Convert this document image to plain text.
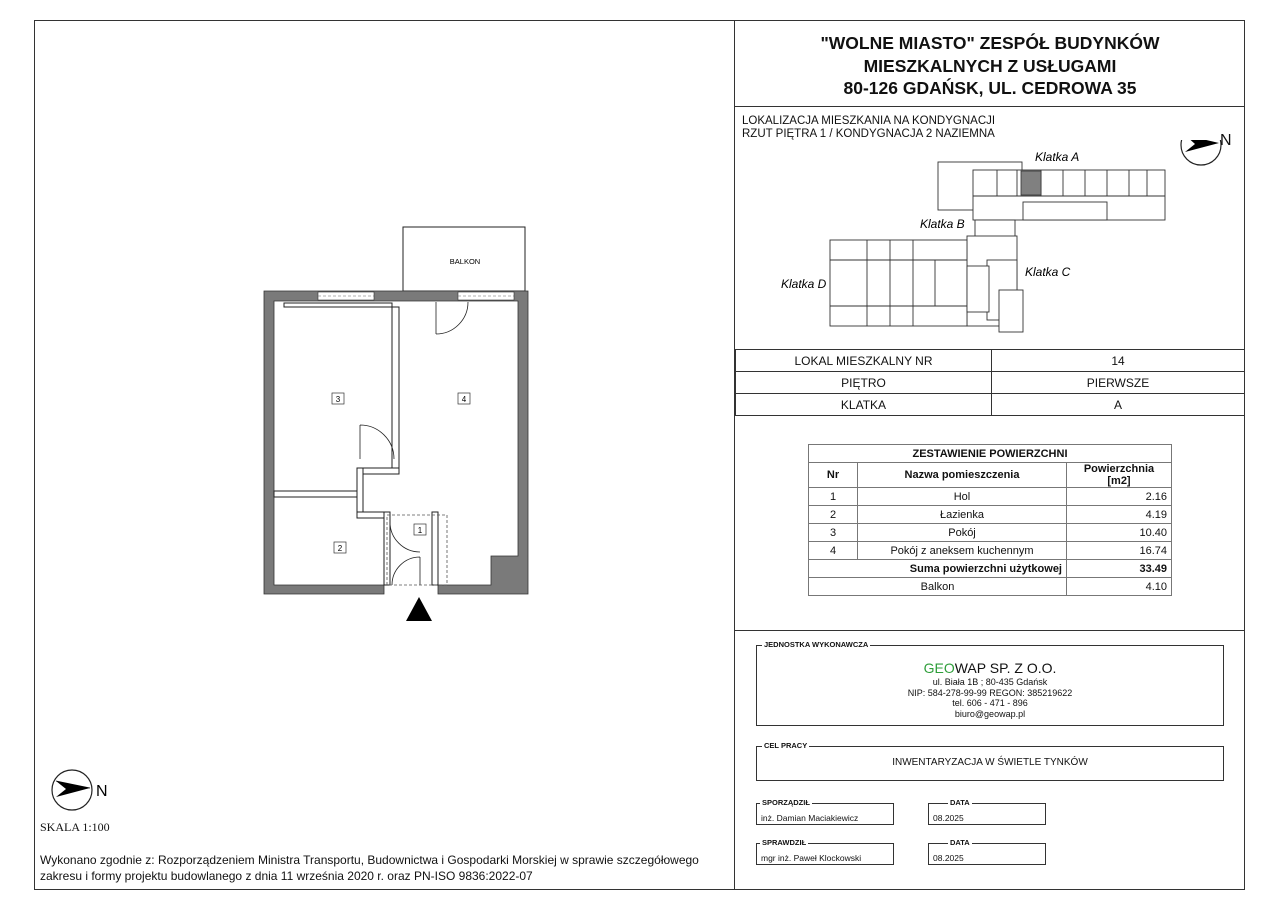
BALKON
3	4
2
1
N
SKALA 1:100
Wykonano zgodnie z: Rozporządzeniem Ministra Transportu, Budownictwa i Gospodarki Morskiej w sprawie szczegółowego
zakresu i formy projektu budowlanego z dnia 11 września 2020 r. oraz PN-ISO 9836:2022-07
"WOLNE MIASTO" ZESPÓŁ BUDYNKÓW
MIESZKALNYCH Z USŁUGAMI
80-126 GDAŃSK, UL. CEDROWA 35
LOKALIZACJA MIESZKANIA NA KONDYGNACJI
RZUT PIĘTRA 1 / KONDYGNACJA 2 NAZIEMNA
Klatka A
Klatka B
Klatka C
Klatka D
N
LOKAL MIESZKALNY NR	14
PIĘTRO	PIERWSZE
KLATKA	A
ZESTAWIENIE POWIERZCHNI		
Nr	Nazwa pomieszczenia	Powierzchnia [m2]
1	Hol	2.16
2	Łazienka	4.19
3	Pokój	10.40
4	Pokój z aneksem kuchennym	16.74
Suma powierzchni użytkowej		33.49
Balkon		4.10
GEOWAP SP. Z O.O.
ul. Biała 1B ; 80-435 Gdańsk
NIP: 584-278-99-99 REGON: 385219622
tel. 606 - 471 - 896
biuro@geowap.pl
JEDNOSTKA WYKONAWCZA
INWENTARYZACJA W ŚWIETLE TYNKÓW
CEL PRACY
inż. Damian Maciakiewicz
SPORZĄDZIŁ
08.2025
DATA
mgr inż. Paweł Klockowski
SPRAWDZIŁ
08.2025
DATA
